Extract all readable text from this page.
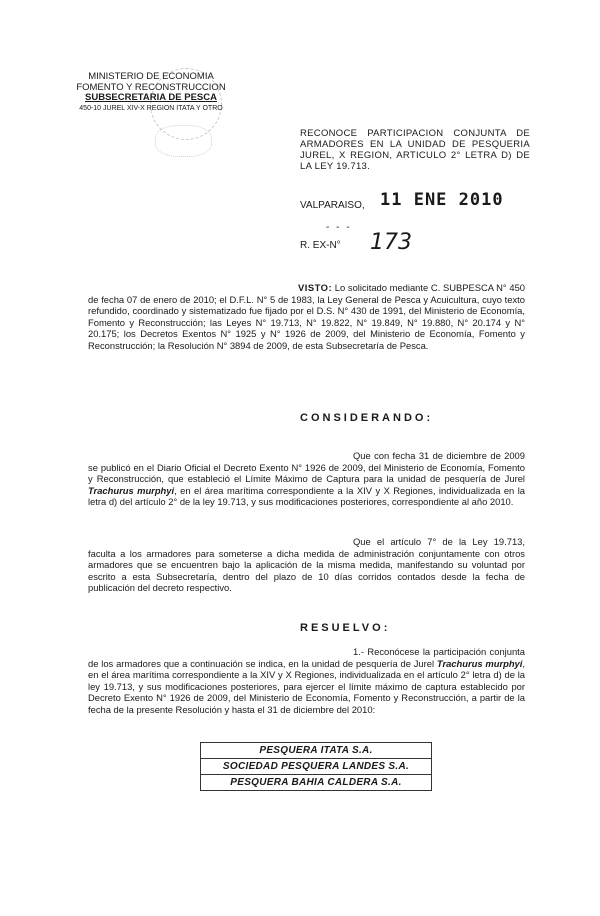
MINISTERIO DE ECONOMIA
FOMENTO Y RECONSTRUCCION
SUBSECRETARIA DE PESCA
450-10 JUREL XIV-X REGION ITATA Y OTRO
RECONOCE PARTICIPACION CONJUNTA DE ARMADORES EN LA UNIDAD DE PESQUERIA JUREL, X REGION, ARTICULO 2° LETRA D) DE LA LEY 19.713.
VALPARAISO, 11 ENE 2010
- - -
R. EX-N° 173
VISTO: Lo solicitado mediante C. SUBPESCA N° 450 de fecha 07 de enero de 2010; el D.F.L. N° 5 de 1983, la Ley General de Pesca y Acuicultura, cuyo texto refundido, coordinado y sistematizado fue fijado por el D.S. N° 430 de 1991, del Ministerio de Economía, Fomento y Reconstrucción; las Leyes N° 19.713, N° 19.822, N° 19.849, N° 19.880, N° 20.174 y N° 20.175; los Decretos Exentos N° 1925 y N° 1926 de 2009, del Ministerio de Economía, Fomento y Reconstrucción; la Resolución N° 3894 de 2009, de esta Subsecretaría de Pesca.
CONSIDERANDO:
Que con fecha 31 de diciembre de 2009 se publicó en el Diario Oficial el Decreto Exento N° 1926 de 2009, del Ministerio de Economía, Fomento y Reconstrucción, que estableció el Límite Máximo de Captura para la unidad de pesquería de Jurel Trachurus murphyi, en el área marítima correspondiente a la XIV y X Regiones, individualizada en la letra d) del artículo 2° de la ley 19.713, y sus modificaciones posteriores, correspondiente al año 2010.
Que el artículo 7° de la Ley 19.713, faculta a los armadores para someterse a dicha medida de administración conjuntamente con otros armadores que se encuentren bajo la aplicación de la misma medida, manifestando su voluntad por escrito a esta Subsecretaría, dentro del plazo de 10 días corridos contados desde la fecha de publicación del decreto respectivo.
RESUELVO:
1.- Reconócese la participación conjunta de los armadores que a continuación se indica, en la unidad de pesquería de Jurel Trachurus murphyi, en el área marítima correspondiente a la XIV y X Regiones, individualizada en el artículo 2° letra d) de la ley 19.713, y sus modificaciones posteriores, para ejercer el límite máximo de captura establecido por Decreto Exento N° 1926 de 2009, del Ministerio de Economía, Fomento y Reconstrucción, a partir de la fecha de la presente Resolución y hasta el 31 de diciembre del 2010:
PESQUERA ITATA S.A.
SOCIEDAD PESQUERA LANDES S.A.
PESQUERA BAHIA CALDERA S.A.
